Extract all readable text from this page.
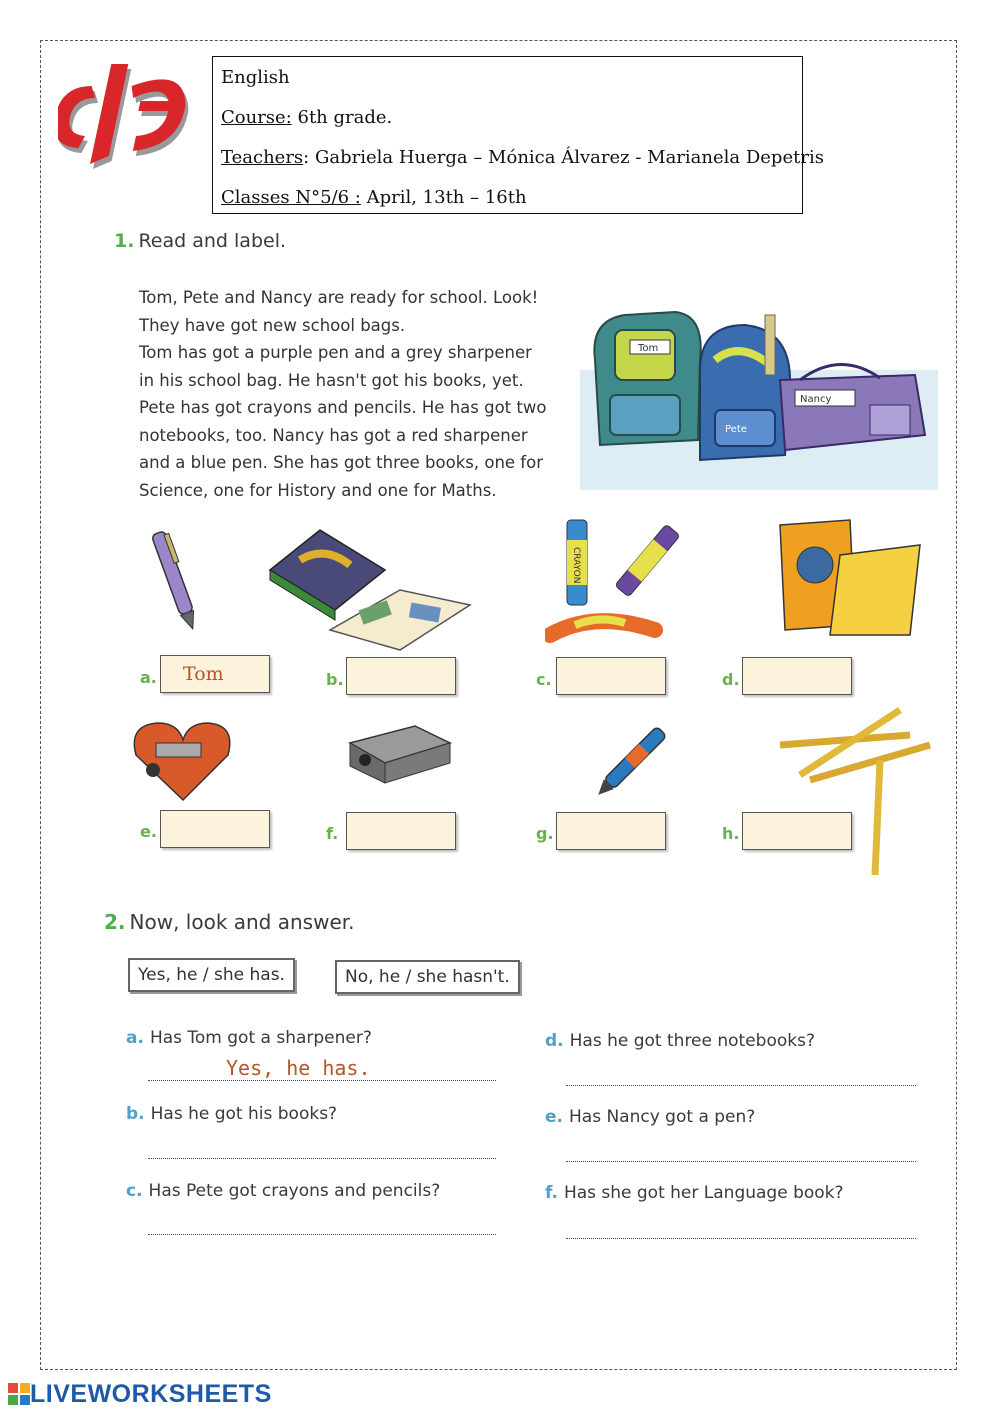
English
Course: 6th grade.
Teachers: Gabriela Huerga – Mónica Álvarez - Marianela Depetris
Classes N°5/6 : April, 13th – 16th
1. Read and label.

Tom, Pete and Nancy are ready for school. Look!

They have got new school bags.

Tom has got a purple pen and a grey sharpener

in his school bag. He hasn't got his books, yet.

Pete has got crayons and pencils. He has got two

notebooks, too. Nancy has got a red sharpener

and a blue pen. She has got three books, one for

Science, one for History and one for Maths.

Tom
Pete
Nancy
CRAYON
a.	Tom	b.	c.	d.
e.	f.	g.	h.
2. Now, look and answer.
Yes, he / she has.	No, he / she hasn't.
a. Has Tom got a sharpener?
Yes, he has.
b. Has he got his books?
c. Has Pete got crayons and pencils?
d. Has he got three notebooks?
e. Has Nancy got a pen?
f. Has she got her Language book?
LIVEWORKSHEETS
